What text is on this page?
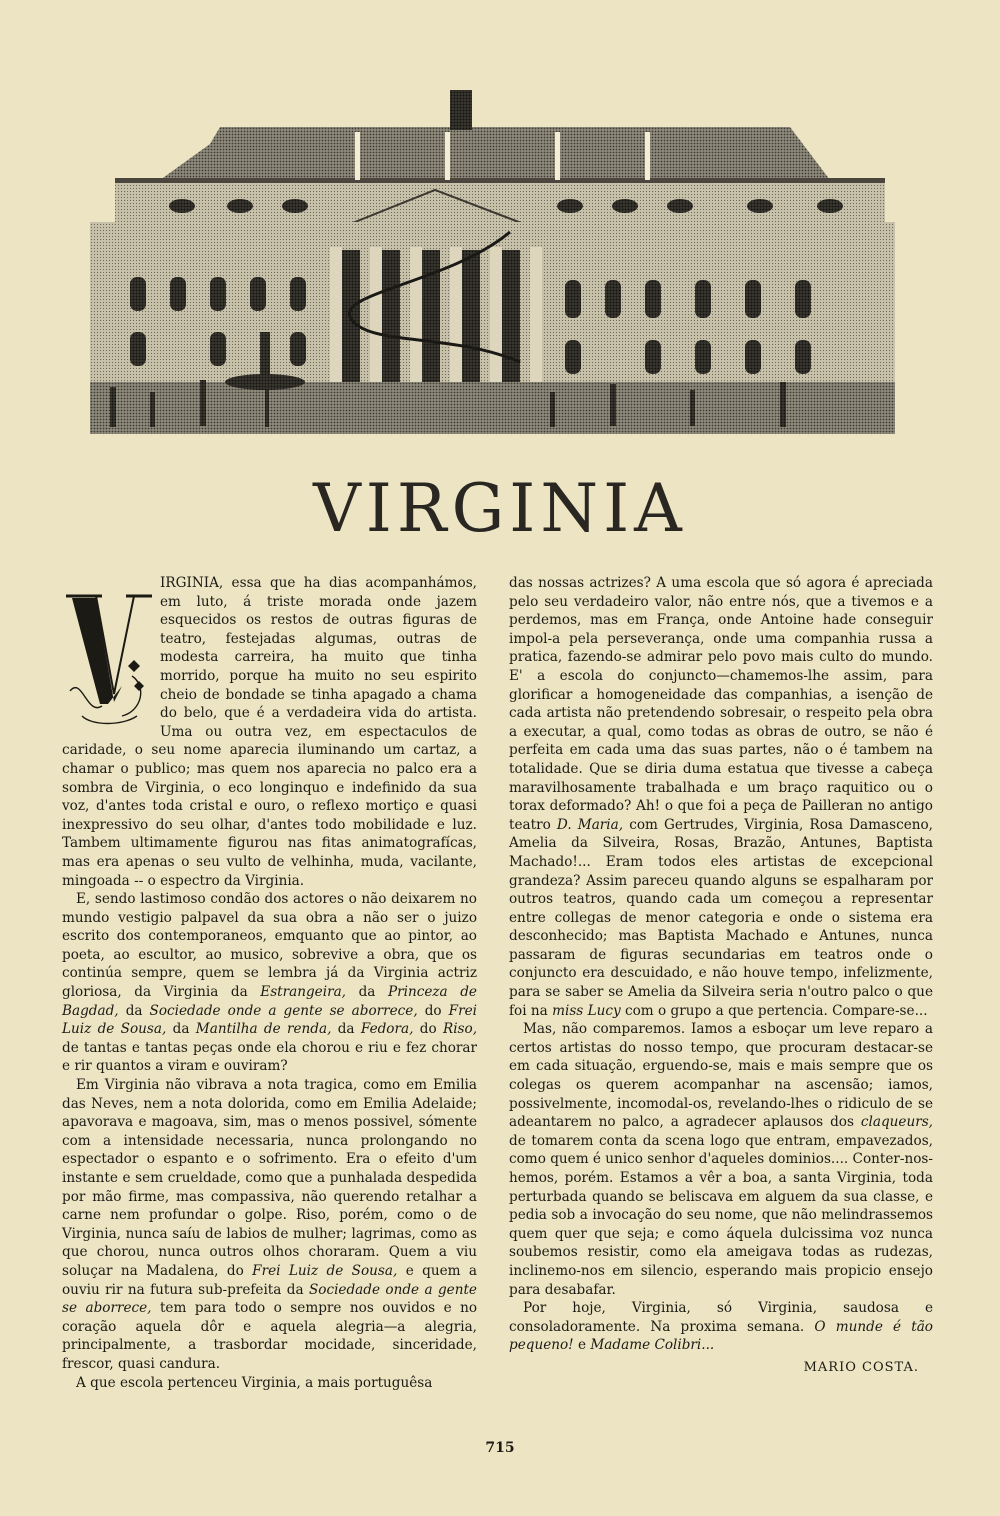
VIRGINIA

IRGINIA, essa que ha dias acompanhámos, em luto, á triste morada onde jazem esquecidos os restos de outras figuras de teatro, festejadas algumas, outras de modesta carreira, ha muito que tinha morrido, porque ha muito no seu espirito cheio de bondade se tinha apagado a chama do belo, que é a verdadeira vida do artista. Uma ou outra vez, em espectaculos de caridade, o seu nome aparecia iluminando um cartaz, a chamar o publico; mas quem nos aparecia no palco era a sombra de Virginia, o eco longinquo e indefinido da sua voz, d'antes toda cristal e ouro, o reflexo mortiço e quasi inexpressivo do seu olhar, d'antes todo mobilidade e luz. Tambem ultimamente figurou nas fitas animatografícas, mas era apenas o seu vulto de velhinha, muda, vacilante, mingoada -- o espectro da Virginia.

E, sendo lastimoso condão dos actores o não deixarem no mundo vestigio palpavel da sua obra a não ser o juizo escrito dos contemporaneos, emquanto que ao pintor, ao poeta, ao escultor, ao musico, sobrevive a obra, que os continúa sempre, quem se lembra já da Virginia actriz gloriosa, da Virginia da Estrangeira, da Princeza de Bagdad, da Sociedade onde a gente se aborrece, do Frei Luiz de Sousa, da Mantilha de renda, da Fedora, do Riso, de tantas e tantas peças onde ela chorou e riu e fez chorar e rir quantos a viram e ouviram?

Em Virginia não vibrava a nota tragica, como em Emilia das Neves, nem a nota dolorida, como em Emilia Adelaide; apavorava e magoava, sim, mas o menos possivel, sómente com a intensidade necessaria, nunca prolongando no espectador o espanto e o sofrimento. Era o efeito d'um instante e sem crueldade, como que a punhalada despedida por mão firme, mas compassiva, não querendo retalhar a carne nem profundar o golpe. Riso, porém, como o de Virginia, nunca saíu de labios de mulher; lagrimas, como as que chorou, nunca outros olhos choraram. Quem a viu soluçar na Madalena, do Frei Luiz de Sousa, e quem a ouviu rir na futura sub-prefeita da Sociedade onde a gente se aborrece, tem para todo o sempre nos ouvidos e no coração aquela dôr e aquela alegria—a alegria, principalmente, a trasbordar mocidade, sinceridade, frescor, quasi candura.

A que escola pertenceu Virginia, a mais portuguêsa

das nossas actrizes? A uma escola que só agora é apreciada pelo seu verdadeiro valor, não entre nós, que a tivemos e a perdemos, mas em França, onde Antoine hade conseguir impol-a pela perseverança, onde uma companhia russa a pratica, fazendo-se admirar pelo povo mais culto do mundo. E' a escola do conjuncto—chamemos-lhe assim, para glorificar a homogeneidade das companhias, a isenção de cada artista não pretendendo sobresair, o respeito pela obra a executar, a qual, como todas as obras de outro, se não é perfeita em cada uma das suas partes, não o é tambem na totalidade. Que se diria duma estatua que tivesse a cabeça maravilhosamente trabalhada e um braço raquitico ou o torax deformado? Ah! o que foi a peça de Pailleran no antigo teatro D. Maria, com Gertrudes, Virginia, Rosa Damasceno, Amelia da Silveira, Rosas, Brazão, Antunes, Baptista Machado!... Eram todos eles artistas de excepcional grandeza? Assim pareceu quando alguns se espalharam por outros teatros, quando cada um começou a representar entre collegas de menor categoria e onde o sistema era desconhecido; mas Baptista Machado e Antunes, nunca passaram de figuras secundarias em teatros onde o conjuncto era descuidado, e não houve tempo, infelizmente, para se saber se Amelia da Silveira seria n'outro palco o que foi na miss Lucy com o grupo a que pertencia. Compare-se...

Mas, não comparemos. Iamos a esboçar um leve reparo a certos artistas do nosso tempo, que procuram destacar-se em cada situação, erguendo-se, mais e mais sempre que os colegas os querem acompanhar na ascensão; iamos, possivelmente, incomodal-os, revelando-lhes o ridiculo de se adeantarem no palco, a agradecer aplausos dos claqueurs, de tomarem conta da scena logo que entram, empavezados, como quem é unico senhor d'aqueles dominios.... Conter-nos-hemos, porém. Estamos a vêr a boa, a santa Virginia, toda perturbada quando se beliscava em alguem da sua classe, e pedia sob a invocação do seu nome, que não melindrassemos quem quer que seja; e como áquela dulcissima voz nunca soubemos resistir, como ela ameigava todas as rudezas, inclinemo-nos em silencio, esperando mais propicio ensejo para desabafar.

Por hoje, Virginia, só Virginia, saudosa e consoladoramente. Na proxima semana. O munde é tão pequeno! e Madame Colibri...

MARIO COSTA.
715
